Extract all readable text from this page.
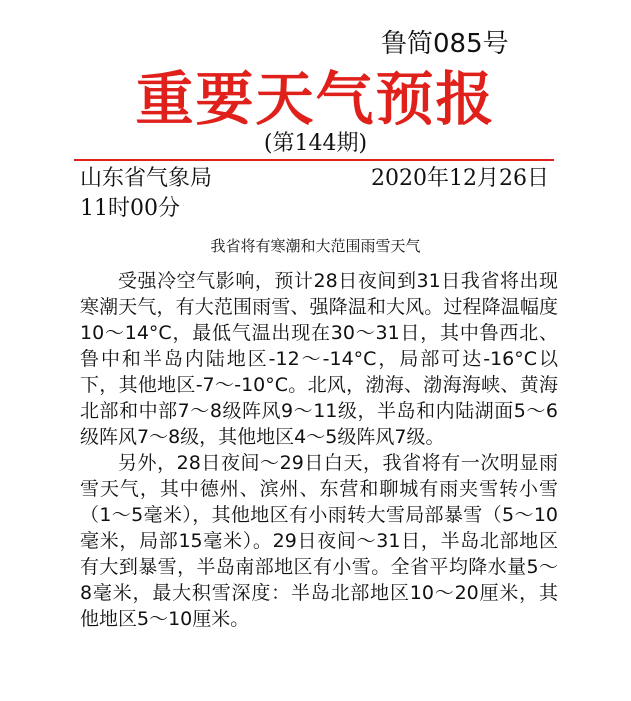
鲁简085号
重要天气预报
(第144期)
山东省气象局	2020年12月26日
11时00分
我省将有寒潮和大范围雨雪天气

受强冷空气影响，预计28日夜间到31日我省将出现寒潮天气，有大范围雨雪、强降温和大风。过程降温幅度10～14°C，最低气温出现在30～31日，其中鲁西北、鲁中和半岛内陆地区-12～-14°C，局部可达-16°C以下，其他地区-7～-10°C。北风，渤海、渤海海峡、黄海北部和中部7～8级阵风9～11级，半岛和内陆湖面5～6级阵风7～8级，其他地区4～5级阵风7级。

另外，28日夜间～29日白天，我省将有一次明显雨雪天气，其中德州、滨州、东营和聊城有雨夹雪转小雪（1～5毫米），其他地区有小雨转大雪局部暴雪（5～10毫米，局部15毫米）。29日夜间～31日，半岛北部地区有大到暴雪，半岛南部地区有小雪。全省平均降水量5～8毫米，最大积雪深度：半岛北部地区10～20厘米，其他地区5～10厘米。
